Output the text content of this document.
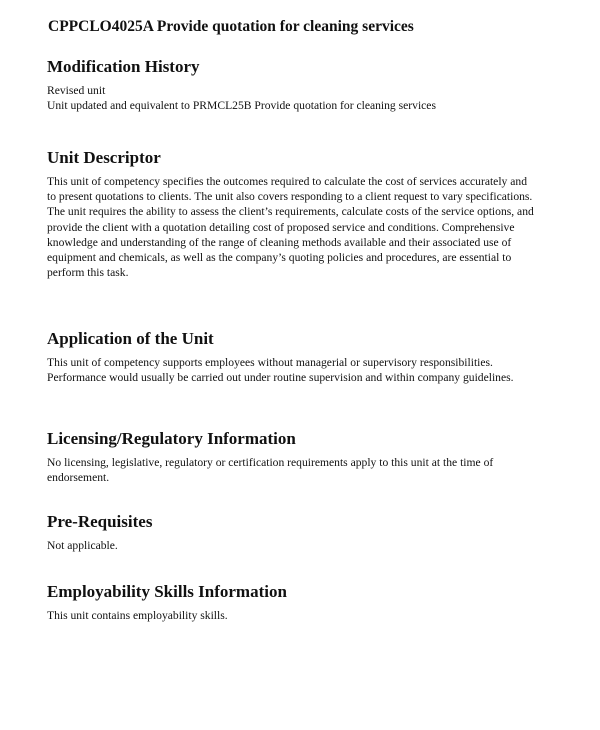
CPPCLO4025A Provide quotation for cleaning services
Modification History

Revised unit

Unit updated and equivalent to PRMCL25B Provide quotation for cleaning services

Unit Descriptor

This unit of competency specifies the outcomes required to calculate the cost of services accurately and to present quotations to clients. The unit also covers responding to a client request to vary specifications.

The unit requires the ability to assess the client’s requirements, calculate costs of the service options, and provide the client with a quotation detailing cost of proposed service and conditions. Comprehensive knowledge and understanding of the range of cleaning methods available and their associated use of equipment and chemicals, as well as the company’s quoting policies and procedures, are essential to perform this task.

Application of the Unit

This unit of competency supports employees without managerial or supervisory responsibilities. Performance would usually be carried out under routine supervision and within company guidelines.

Licensing/Regulatory Information

No licensing, legislative, regulatory or certification requirements apply to this unit at the time of endorsement.

Pre-Requisites

Not applicable.

Employability Skills Information

This unit contains employability skills.
